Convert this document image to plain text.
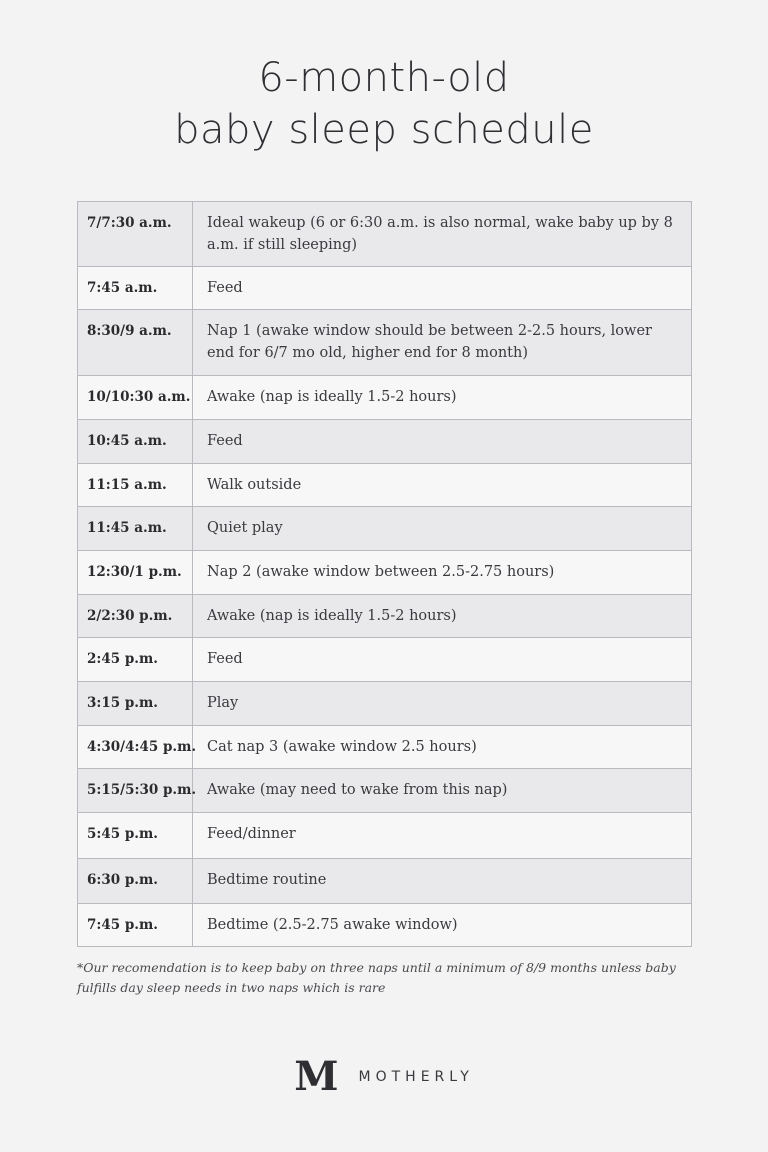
6-month-old
baby sleep schedule
7/7:30 a.m.	Ideal wakeup (6 or 6:30 a.m. is also normal, wake baby up by 8 a.m. if still sleeping)
7:45 a.m.	Feed
8:30/9 a.m.	Nap 1 (awake window should be between 2-2.5 hours, lower end for 6/7 mo old, higher end for 8 month)
10/10:30 a.m.	Awake (nap is ideally 1.5-2 hours)
10:45 a.m.	Feed
11:15 a.m.	Walk outside
11:45 a.m.	Quiet play
12:30/1 p.m.	Nap 2 (awake window between 2.5-2.75 hours)
2/2:30 p.m.	Awake (nap is ideally 1.5-2 hours)
2:45 p.m.	Feed
3:15 p.m.	Play
4:30/4:45 p.m.	Cat nap 3 (awake window 2.5 hours)
5:15/5:30 p.m.	Awake (may need to wake from this nap)
5:45 p.m.	Feed/dinner
6:30 p.m.	Bedtime routine
7:45 p.m.	Bedtime (2.5-2.75 awake window)
*Our recomendation is to keep baby on three naps until a minimum of 8/9 months unless baby fulfills day sleep needs in two naps which is rare
M MOTHERLY
